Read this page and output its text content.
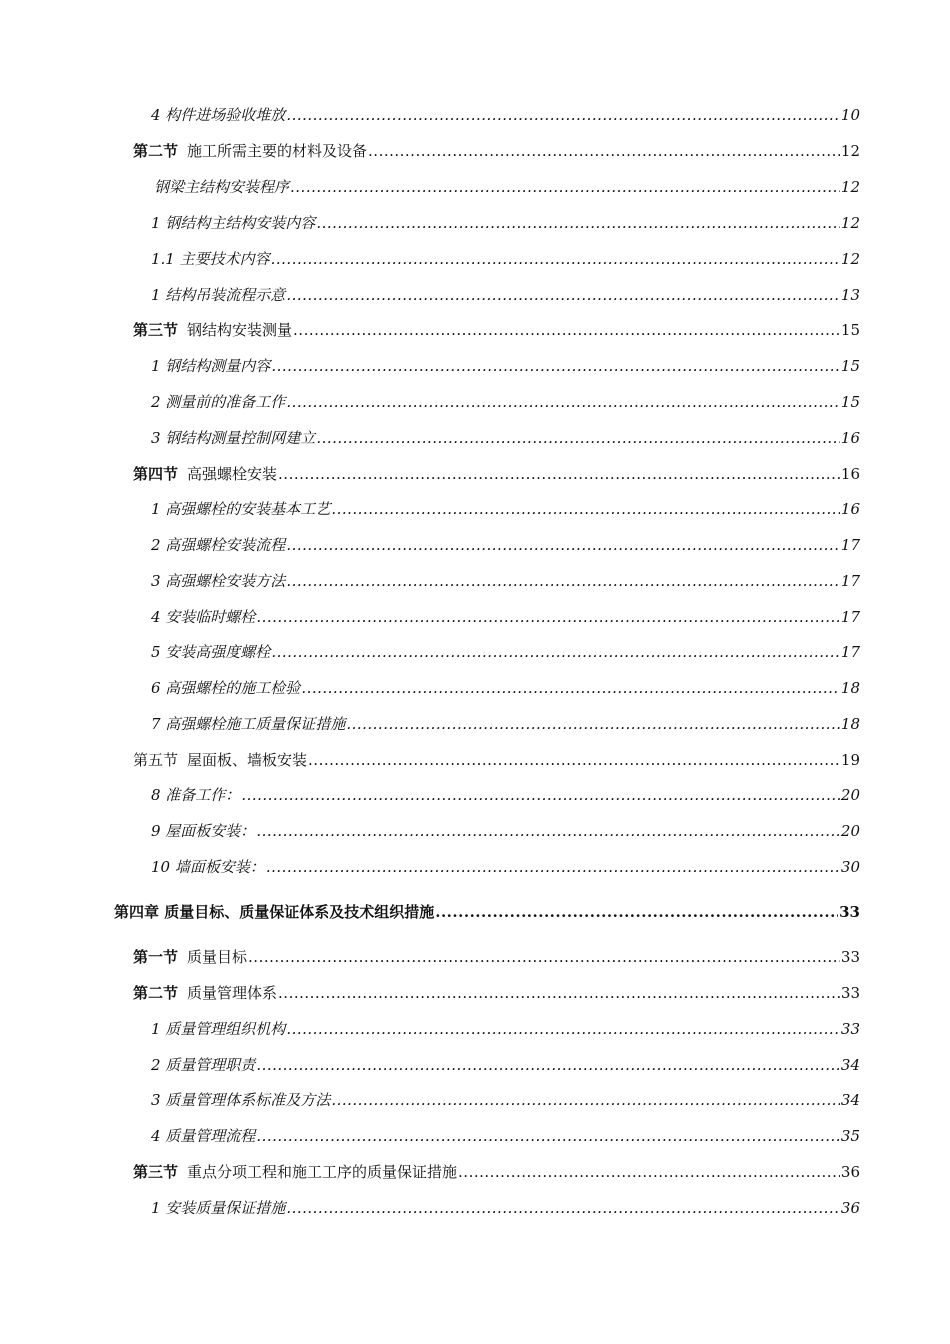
4 构件进场验收堆放 .....	10
第二节 施工所需主要的材料及设备 .....	12
钢梁主结构安装程序 .....	12
1 钢结构主结构安装内容 .....	12
1.1 主要技术内容 .....	12
1 结构吊装流程示意 .....	13
第三节 钢结构安装测量 .....	15
1 钢结构测量内容 .....	15
2 测量前的准备工作 .....	15
3 钢结构测量控制网建立 .....	16
第四节 高强螺栓安装 .....	16
1 高强螺栓的安装基本工艺 .....	16
2 高强螺栓安装流程 .....	17
3 高强螺栓安装方法 .....	17
4 安装临时螺栓 .....	17
5 安装高强度螺栓 .....	17
6 高强螺栓的施工检验 .....	18
7 高强螺栓施工质量保证措施 .....	18
第五节 屋面板、墙板安装 .....	19
8 准备工作： .....	20
9 屋面板安装： .....	20
10 墙面板安装： .....	30
第四章 质量目标、质量保证体系及技术组织措施 .....	33
第一节 质量目标 .....	33
第二节 质量管理体系 .....	33
1 质量管理组织机构 .....	33
2 质量管理职责 .....	34
3 质量管理体系标准及方法 .....	34
4 质量管理流程 .....	35
第三节 重点分项工程和施工工序的质量保证措施 .....	36
1 安装质量保证措施 .....	36
